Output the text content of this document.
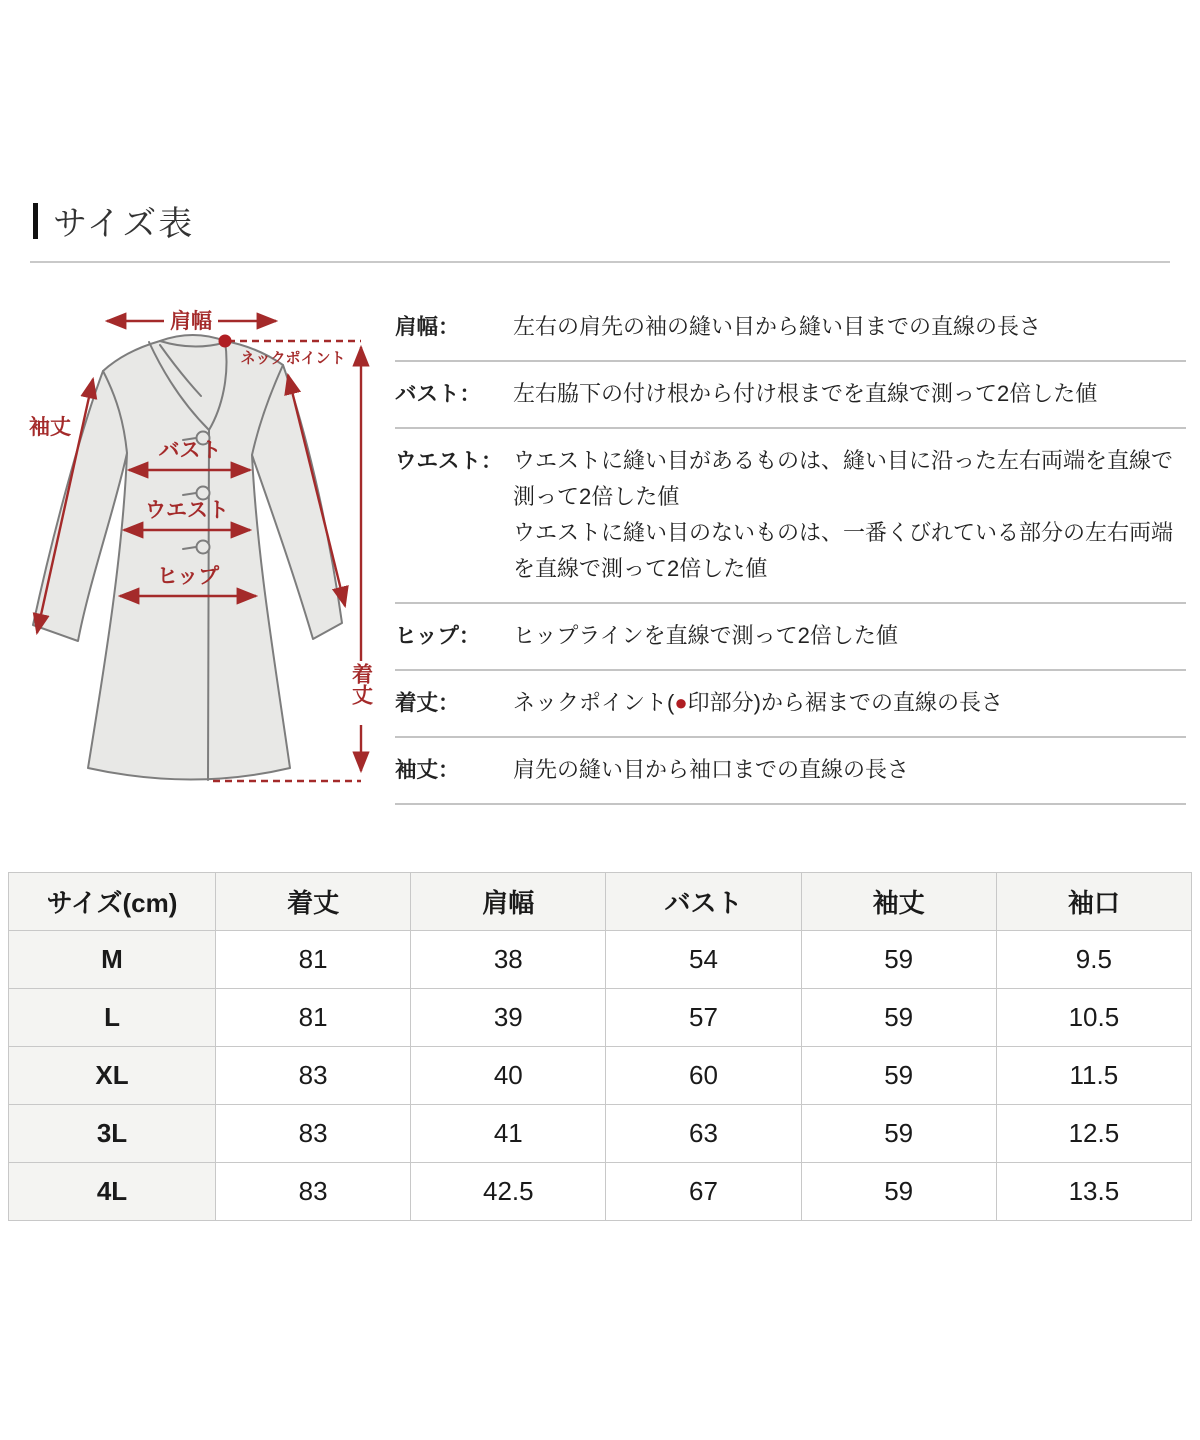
サイズ表
肩幅
ネックポイント
着丈
袖丈
バスト
ウエスト
ヒップ
肩幅：	左右の肩先の袖の縫い目から縫い目までの直線の長さ
バスト：	左右脇下の付け根から付け根までを直線で測って2倍した値
ウエスト： ウエストに縫い目があるものは、縫い目に沿った左右両端を直線で測って2倍した値
ウエストに縫い目のないものは、一番くびれている部分の左右両端を直線で測って2倍した値
ヒップ：	ヒップラインを直線で測って2倍した値
着丈：	ネックポイント(●印部分)から裾までの直線の長さ
袖丈：	肩先の縫い目から袖口までの直線の長さ
サイズ(cm)	着丈	肩幅	バスト	袖丈	袖口
M	81	38	54	59	9.5
L	81	39	57	59	10.5
XL	83	40	60	59	11.5
3L	83	41	63	59	12.5
4L	83	42.5	67	59	13.5
